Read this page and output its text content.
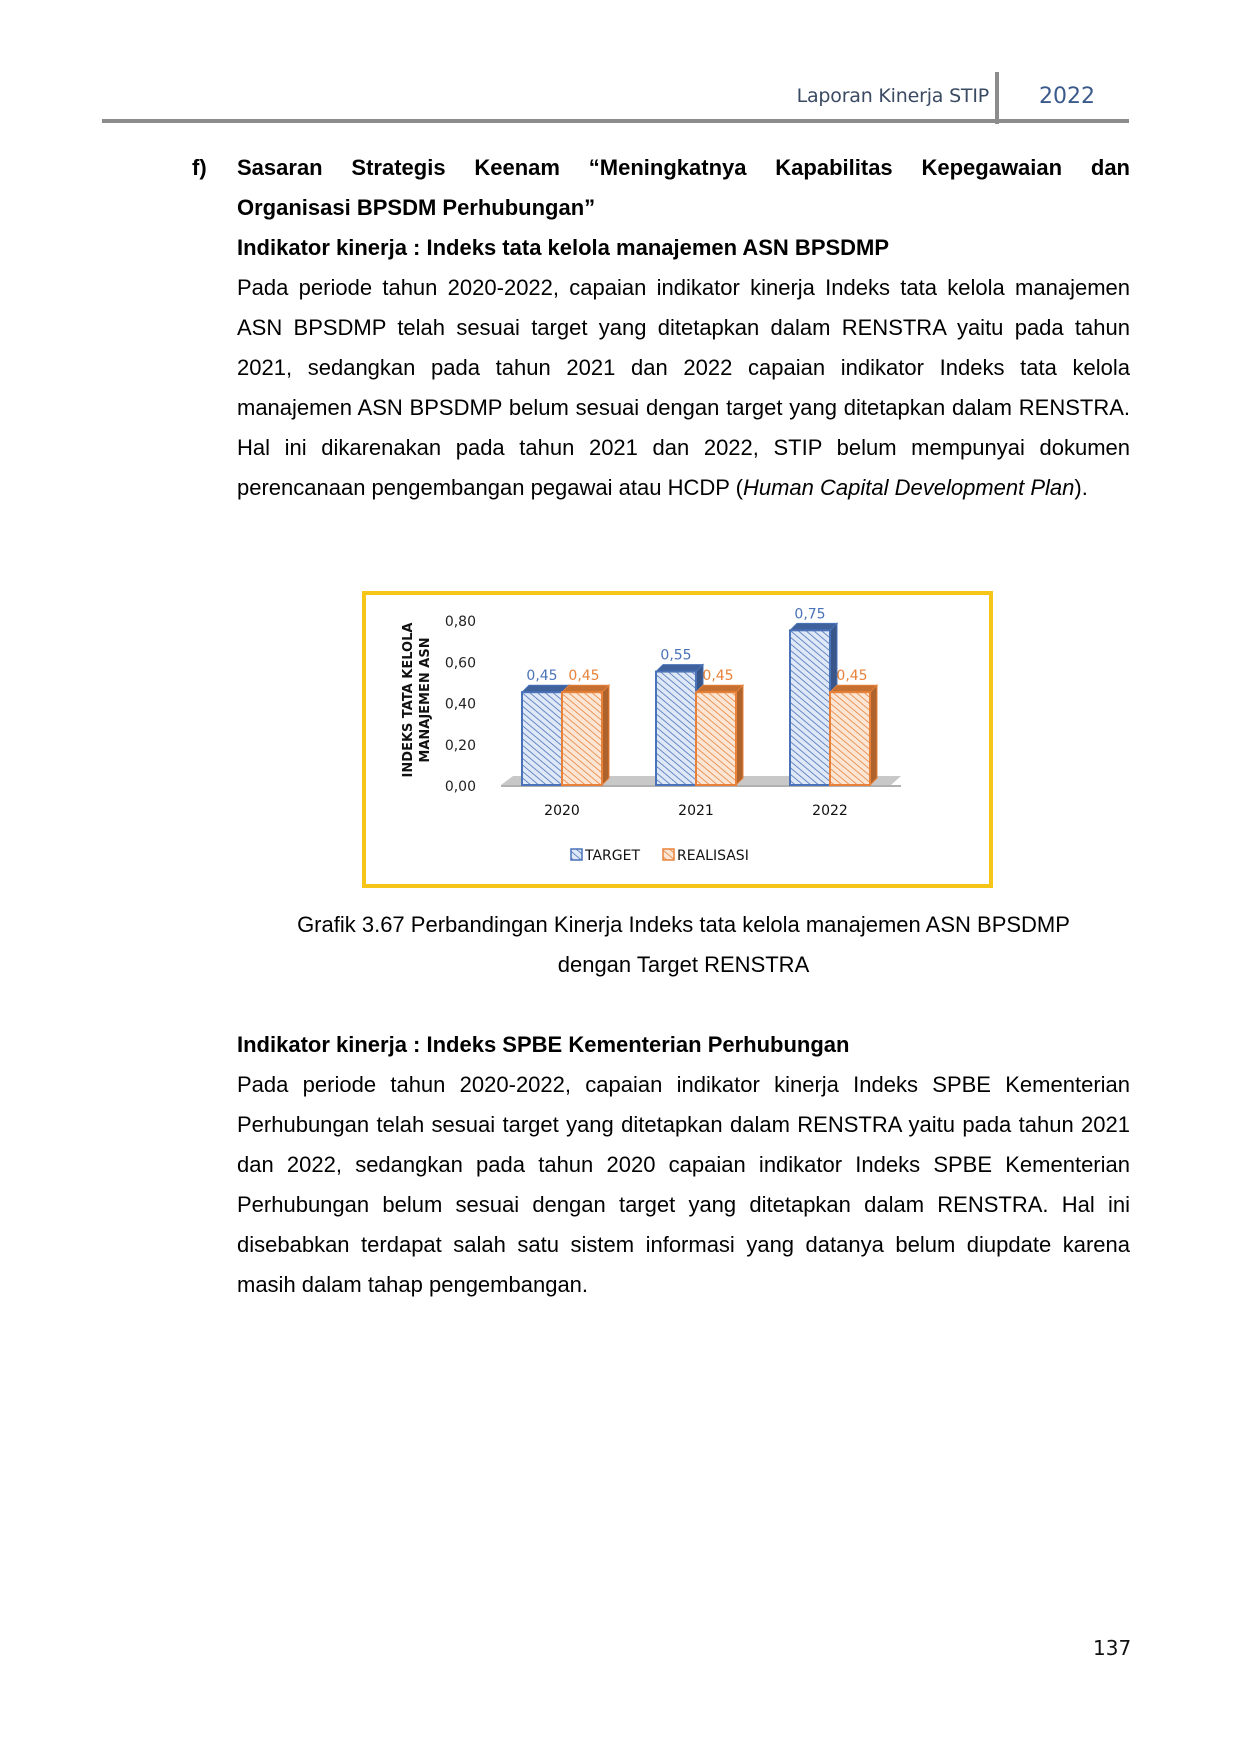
Laporan Kinerja STIP 2022
f) Sasaran Strategis Keenam “Meningkatnya Kapabilitas Kepegawaian dan
Organisasi BPSDM Perhubungan”
Indikator kinerja : Indeks tata kelola manajemen ASN BPSDMP

Pada periode tahun 2020-2022, capaian indikator kinerja Indeks tata kelola manajemen ASN BPSDMP telah sesuai target yang ditetapkan dalam RENSTRA yaitu pada tahun 2021, sedangkan pada tahun 2021 dan 2022 capaian indikator Indeks tata kelola manajemen ASN BPSDMP belum sesuai dengan target yang ditetapkan dalam RENSTRA. Hal ini dikarenakan pada tahun 2021 dan 2022, STIP belum mempunyai dokumen perencanaan pengembangan pegawai atau HCDP (Human Capital Development Plan).

0,00
0,20
0,40
0,60
0,80
INDEKS TATA KELOLA MANAJEMEN ASN	0,45 0,45
2020
0,55
0,45
2021
0,75
0,45
2022
TARGET	REALISASI
Grafik 3.67 Perbandingan Kinerja Indeks tata kelola manajemen ASN BPSDMP
dengan Target RENSTRA
Indikator kinerja : Indeks SPBE Kementerian Perhubungan

Pada periode tahun 2020-2022, capaian indikator kinerja Indeks SPBE Kementerian Perhubungan telah sesuai target yang ditetapkan dalam RENSTRA yaitu pada tahun 2021 dan 2022, sedangkan pada tahun 2020 capaian indikator Indeks SPBE Kementerian Perhubungan belum sesuai dengan target yang ditetapkan dalam RENSTRA. Hal ini disebabkan terdapat salah satu sistem informasi yang datanya belum diupdate karena masih dalam tahap pengembangan.

137
